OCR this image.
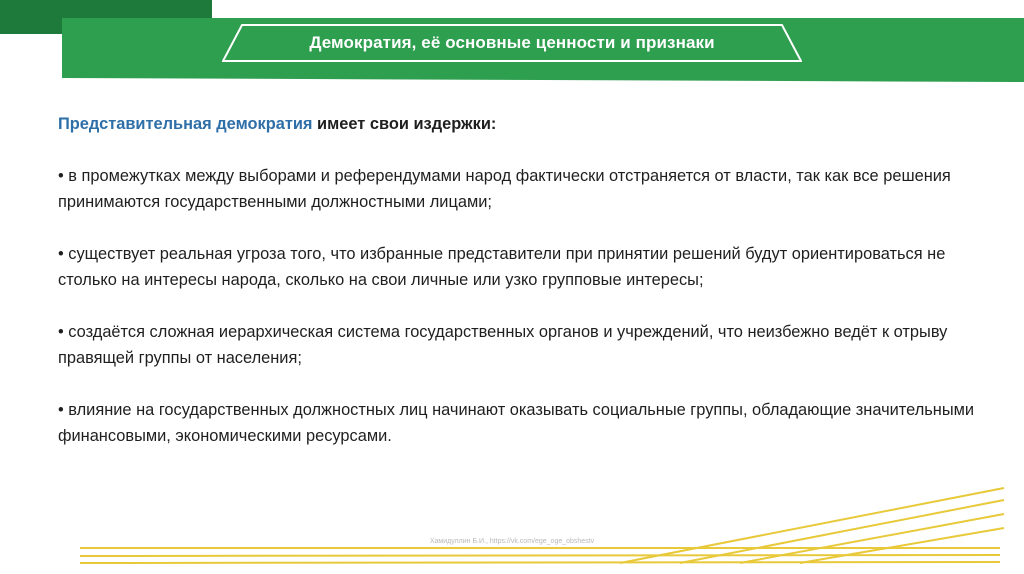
Демократия, её основные ценности и признаки

Представительная демократия имеет свои издержки:

• в промежутках между выборами и референдумами народ фактически отстраняется от власти, так как все решения принимаются государственными должностными лицами;

• существует реальная угроза того, что избранные представители при принятии решений будут ориентироваться не столько на интересы народа, сколько на свои личные или узко групповые интересы;

• создаётся сложная иерархическая система государственных органов и учреждений, что неизбежно ведёт к отрыву правящей группы от населения;

• влияние на государственных должностных лиц начинают оказывать социальные группы, обладающие значительными финансовыми, экономическими ресурсами.

Хамидуллин Б.И., https://vk.com/ege_oge_obshestv
